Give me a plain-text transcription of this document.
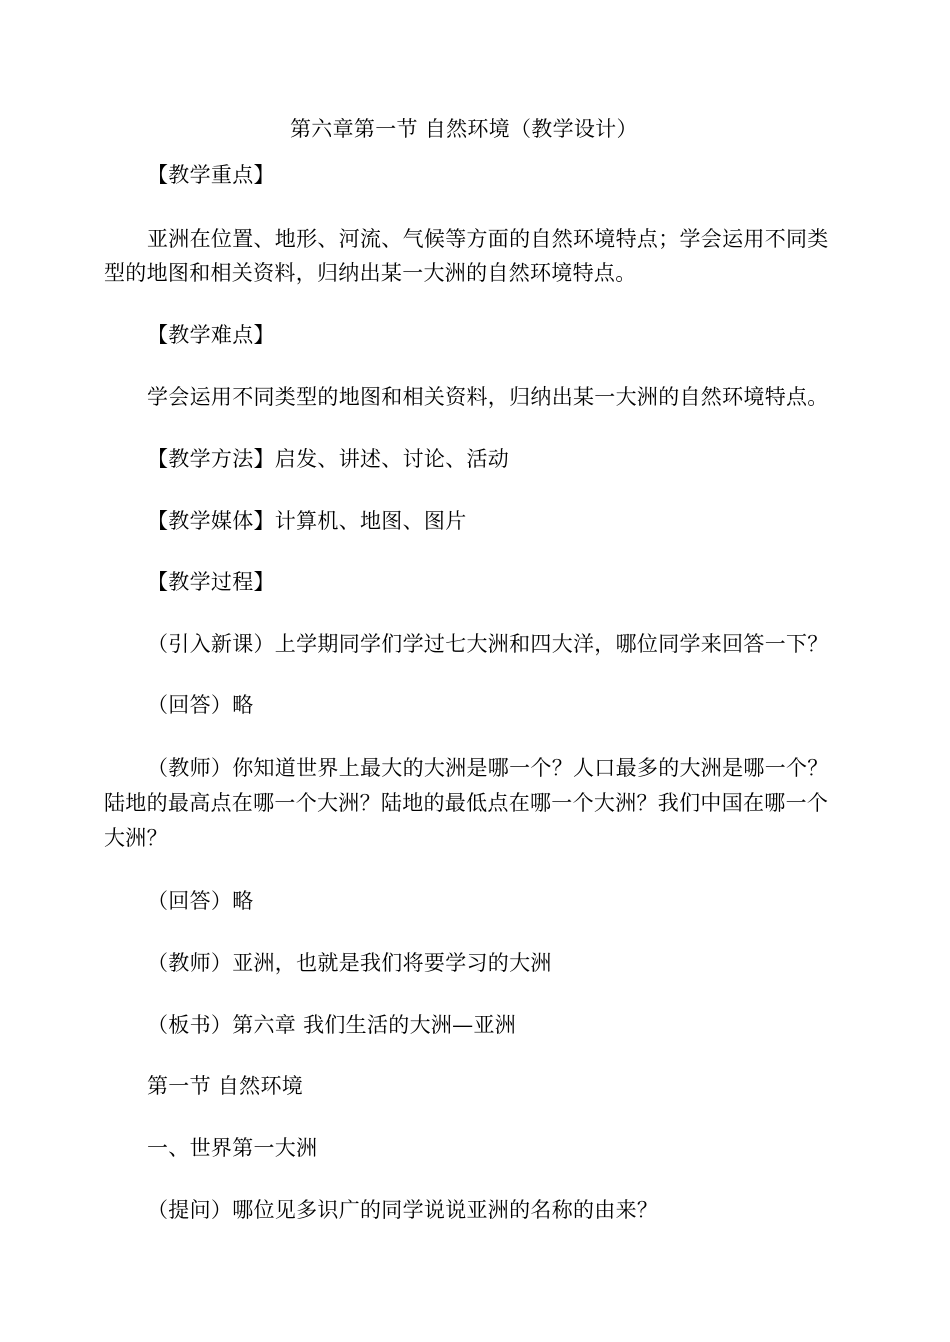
第六章第一节 自然环境（教学设计）

【教学重点】

亚洲在位置、地形、河流、气候等方面的自然环境特点；学会运用不同类

型的地图和相关资料，归纳出某一大洲的自然环境特点。

【教学难点】

学会运用不同类型的地图和相关资料，归纳出某一大洲的自然环境特点。

【教学方法】启发、讲述、讨论、活动

【教学媒体】计算机、地图、图片

【教学过程】

（引入新课）上学期同学们学过七大洲和四大洋，哪位同学来回答一下？

（回答）略

（教师）你知道世界上最大的大洲是哪一个？人口最多的大洲是哪一个？

陆地的最高点在哪一个大洲？陆地的最低点在哪一个大洲？我们中国在哪一个

大洲？

（回答）略

（教师）亚洲，也就是我们将要学习的大洲

（板书）第六章 我们生活的大洲—亚洲

第一节 自然环境

一、世界第一大洲

（提问）哪位见多识广的同学说说亚洲的名称的由来？
